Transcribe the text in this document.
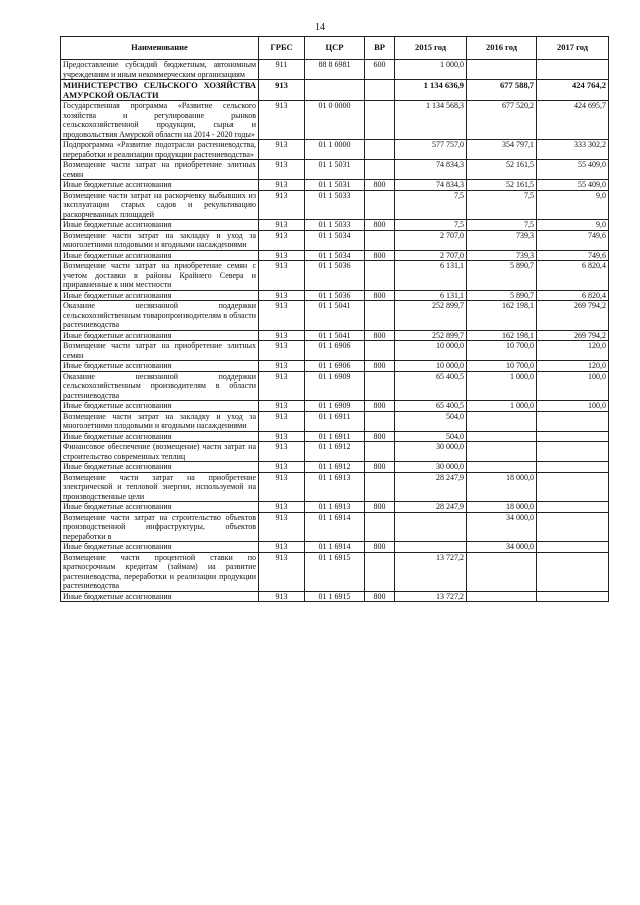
14
Наименование	ГРБС	ЦСР	ВР	2015 год	2016 год	2017 год
Предоставление субсидий бюджетным, автономным учреждениям и иным некоммерческим организациям	911	88 8 6981	600	1 000,0		
МИНИСТЕРСТВО СЕЛЬСКОГО ХОЗЯЙСТВА АМУРСКОЙ ОБЛАСТИ	913			1 134 636,9	677 588,7	424 764,2
Государственная программа «Развитие сельского хозяйства и регулирование рынков сельскохозяйственной продукции, сырья и продовольствия Амурской области на 2014 - 2020 годы»	913	01 0 0000		1 134 568,3	677 520,2	424 695,7
Подпрограмма «Развитие подотрасли растениеводства, переработки и реализации продукции растениеводства»	913	01 1 0000		577 757,0	354 797,1	333 302,2
Возмещение части затрат на приобретение элитных семян	913	01 1 5031		74 834,3	52 161,5	55 409,0
Иные бюджетные ассигнования	913	01 1 5031	800	74 834,3	52 161,5	55 409,0
Возмещение части затрат на раскорчевку выбывших из эксплуатации старых садов и рекультивацию раскорчеванных площадей	913	01 1 5033		7,5	7,5	9,0
Иные бюджетные ассигнования	913	01 1 5033	800	7,5	7,5	9,0
Возмещение части затрат на закладку и уход за многолетними плодовыми и ягодными насаждениями	913	01 1 5034		2 707,0	739,3	749,6
Иные бюджетные ассигнования	913	01 1 5034	800	2 707,0	739,3	749,6
Возмещение части затрат на приобретение семян с учетом доставки в районы Крайнего Севера и приравненные к ним местности	913	01 1 5036		6 131,1	5 890,7	6 820,4
Иные бюджетные ассигнования	913	01 1 5036	800	6 131,1	5 890,7	6 820,4
Оказание несвязанной поддержки сельскохозяйственным товаропроизводителям в области растениеводства	913	01 1 5041		252 899,7	162 198,1	269 794,2
Иные бюджетные ассигнования	913	01 1 5041	800	252 899,7	162 198,1	269 794,2
Возмещение части затрат на приобретение элитных семян	913	01 1 6906		10 000,0	10 700,0	120,0
Иные бюджетные ассигнования	913	01 1 6906	800	10 000,0	10 700,0	120,0
Оказание несвязанной поддержки сельскохозяйственным производителям в области растениеводства	913	01 1 6909		65 400,5	1 000,0	100,0
Иные бюджетные ассигнования	913	01 1 6909	800	65 400,5	1 000,0	100,0
Возмещение части затрат на закладку и уход за многолетними плодовыми и ягодными насаждениями	913	01 1 6911		504,0		
Иные бюджетные ассигнования	913	01 1 6911	800	504,0		
Финансовое обеспечение (возмещение) части затрат на строительство современных теплиц	913	01 1 6912		30 000,0		
Иные бюджетные ассигнования	913	01 1 6912	800	30 000,0		
Возмещение части затрат на приобретение электрической и тепловой энергии, используемой на производственные цели	913	01 1 6913		28 247,9	18 000,0	
Иные бюджетные ассигнования	913	01 1 6913	800	28 247,9	18 000,0	
Возмещение части затрат на строительство объектов производственной инфраструктуры, объектов переработки в	913	01 1 6914			34 000,0	
Иные бюджетные ассигнования	913	01 1 6914	800		34 000,0	
Возмещение части процентной ставки по краткосрочным кредитам (займам) на развитие растениеводства, переработки и реализации продукции растениеводства	913	01 1 6915		13 727,2		
Иные бюджетные ассигнования	913	01 1 6915	800	13 727,2		
